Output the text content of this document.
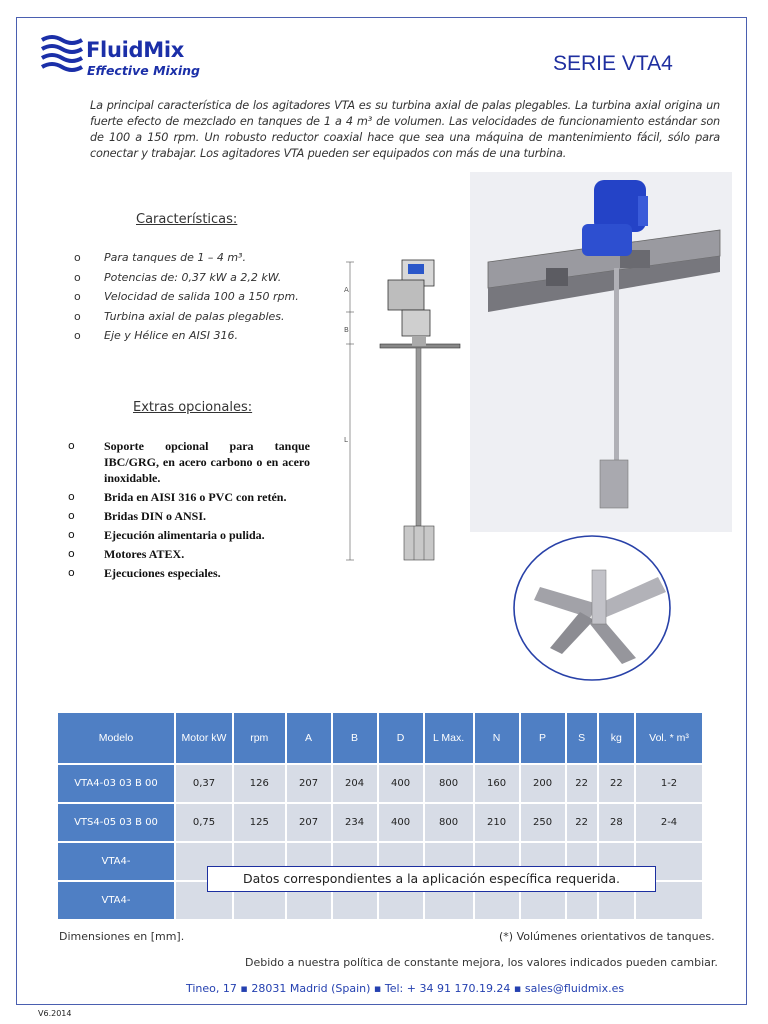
FluidMix
Effective Mixing	SERIE VTA4
La principal característica de los agitadores VTA es su turbina axial de palas plegables. La turbina axial origina un fuerte efecto de mezclado en tanques de 1 a 4 m³ de volumen. Las velocidades de funcionamiento estándar son de 100 a 150 rpm. Un robusto reductor coaxial hace que sea una máquina de mantenimiento fácil, sólo para conectar y trabajar. Los agitadores VTA pueden ser equipados con más de una turbina.
Características:
o Para tanques de 1 – 4 m³.
o Potencias de: 0,37 kW a 2,2 kW.
o Velocidad de salida 100 a 150 rpm.
o Turbina axial de palas plegables.
o Eje y Hélice en AISI 316.
Extras opcionales:
o Soporte opcional para tanque IBC/GRG, en acero carbono o en acero inoxidable.
o Brida en AISI 316 o PVC con retén.
o Bridas DIN o ANSI.
o Ejecución alimentaria o pulida.
o Motores ATEX.
o Ejecuciones especiales.
A
B
L
Modelo	Motor kW	rpm	A	B	D	L Max.	N	P	S	kg	Vol. * m³
VTA4-03 03 B 00	0,37	126	207	204	400	800	160	200	22	22	1-2
VTS4-05 03 B 00	0,75	125	207	234	400	800	210	250	22	28	2-4
VTA4-											
VTA4-											
Datos correspondientes a la aplicación específica requerida.
Dimensiones en [mm].	(*) Volúmenes orientativos de tanques.
Debido a nuestra política de constante mejora, los valores indicados pueden cambiar.
Tineo, 17 ▪ 28031 Madrid (Spain) ▪ Tel: + 34 91 170.19.24 ▪ sales@fluidmix.es
V6.2014
